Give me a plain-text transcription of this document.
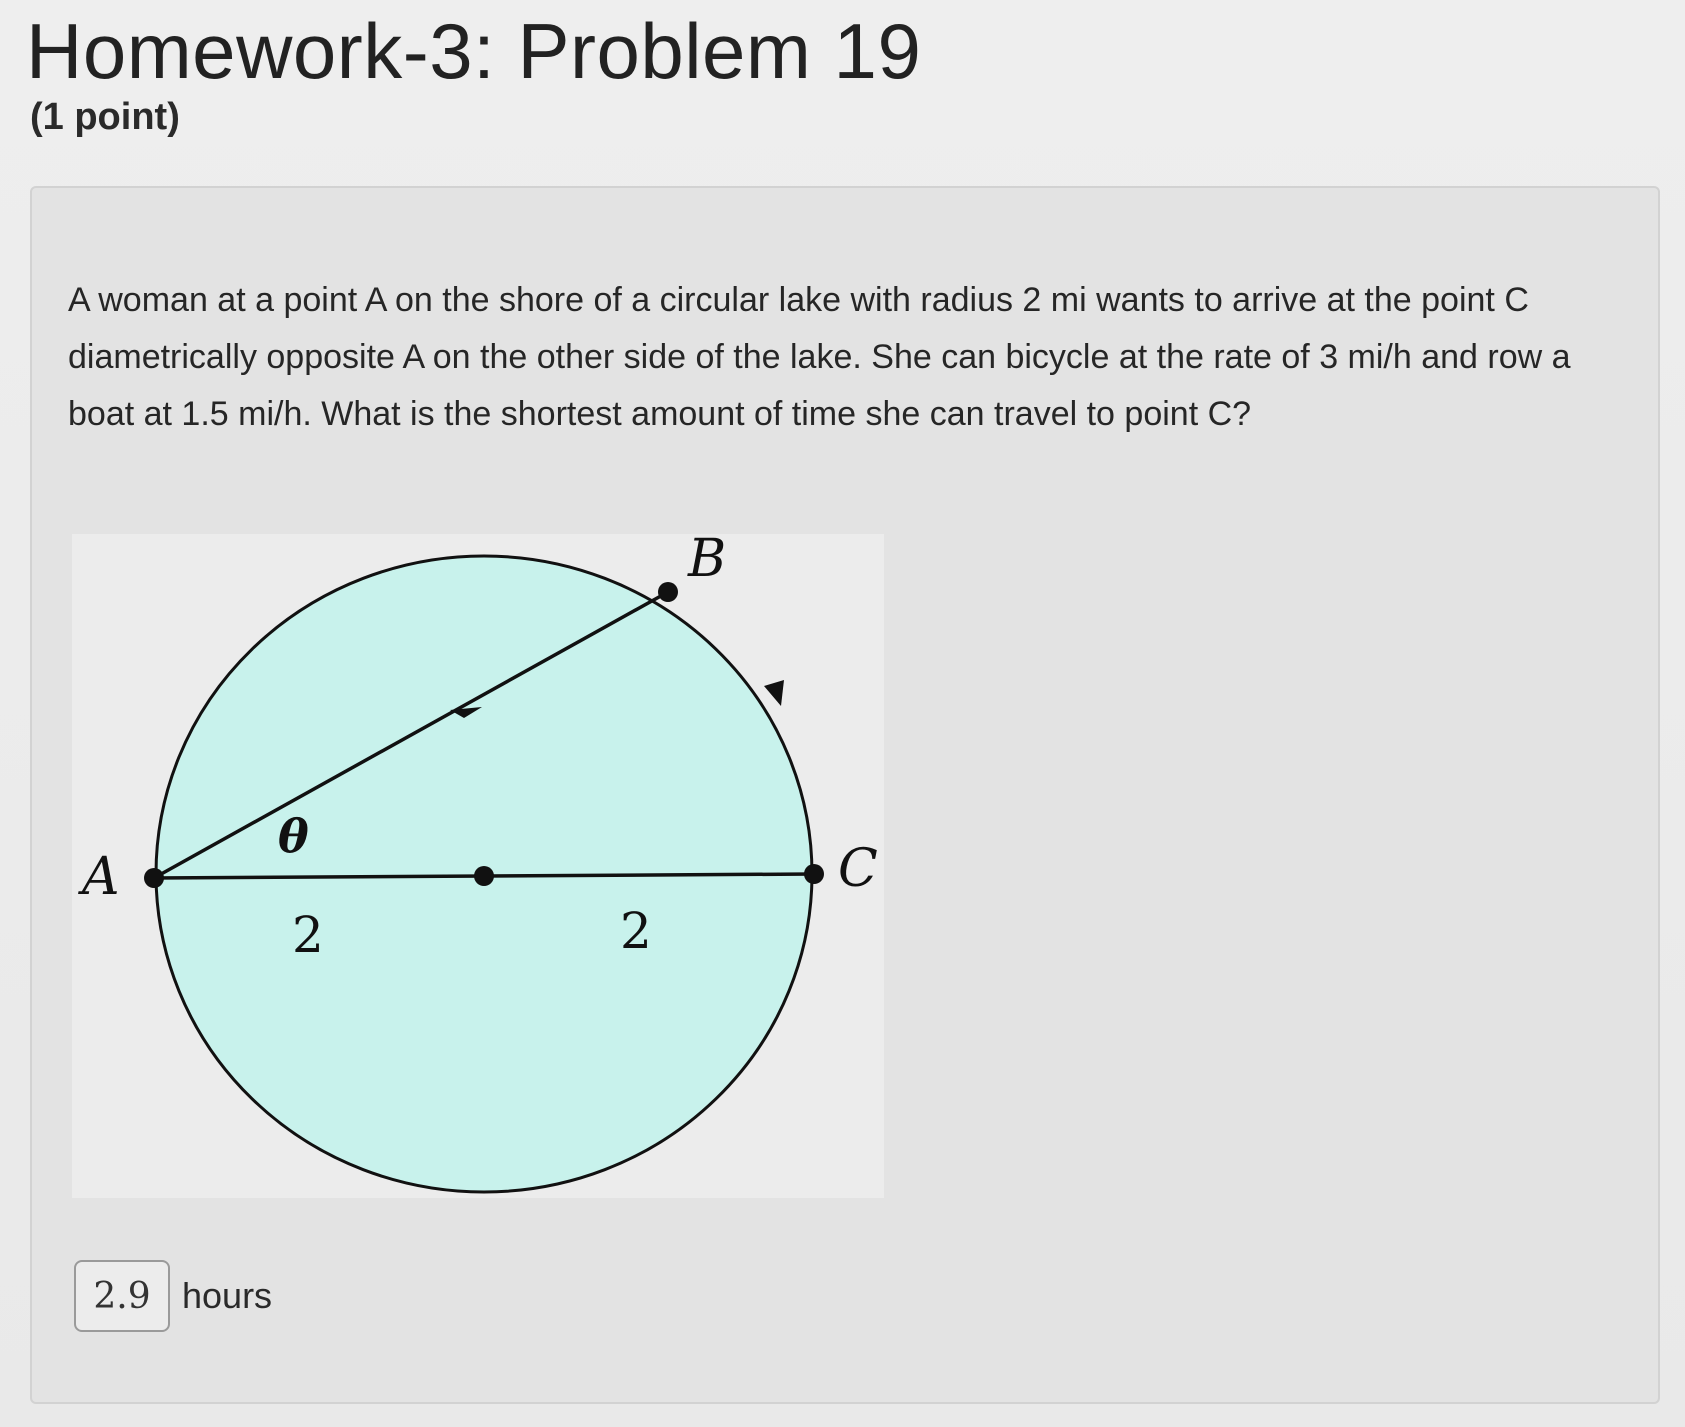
Homework-3: Problem 19
(1 point)

A woman at a point A on the shore of a circular lake with radius 2 mi wants to arrive at the point C diametrically opposite A on the other side of the lake. She can bicycle at the rate of 3 mi/h and row a boat at 1.5 mi/h. What is the shortest amount of time she can travel to point C?

A
B
C
θ
2	2
2.9
hours
